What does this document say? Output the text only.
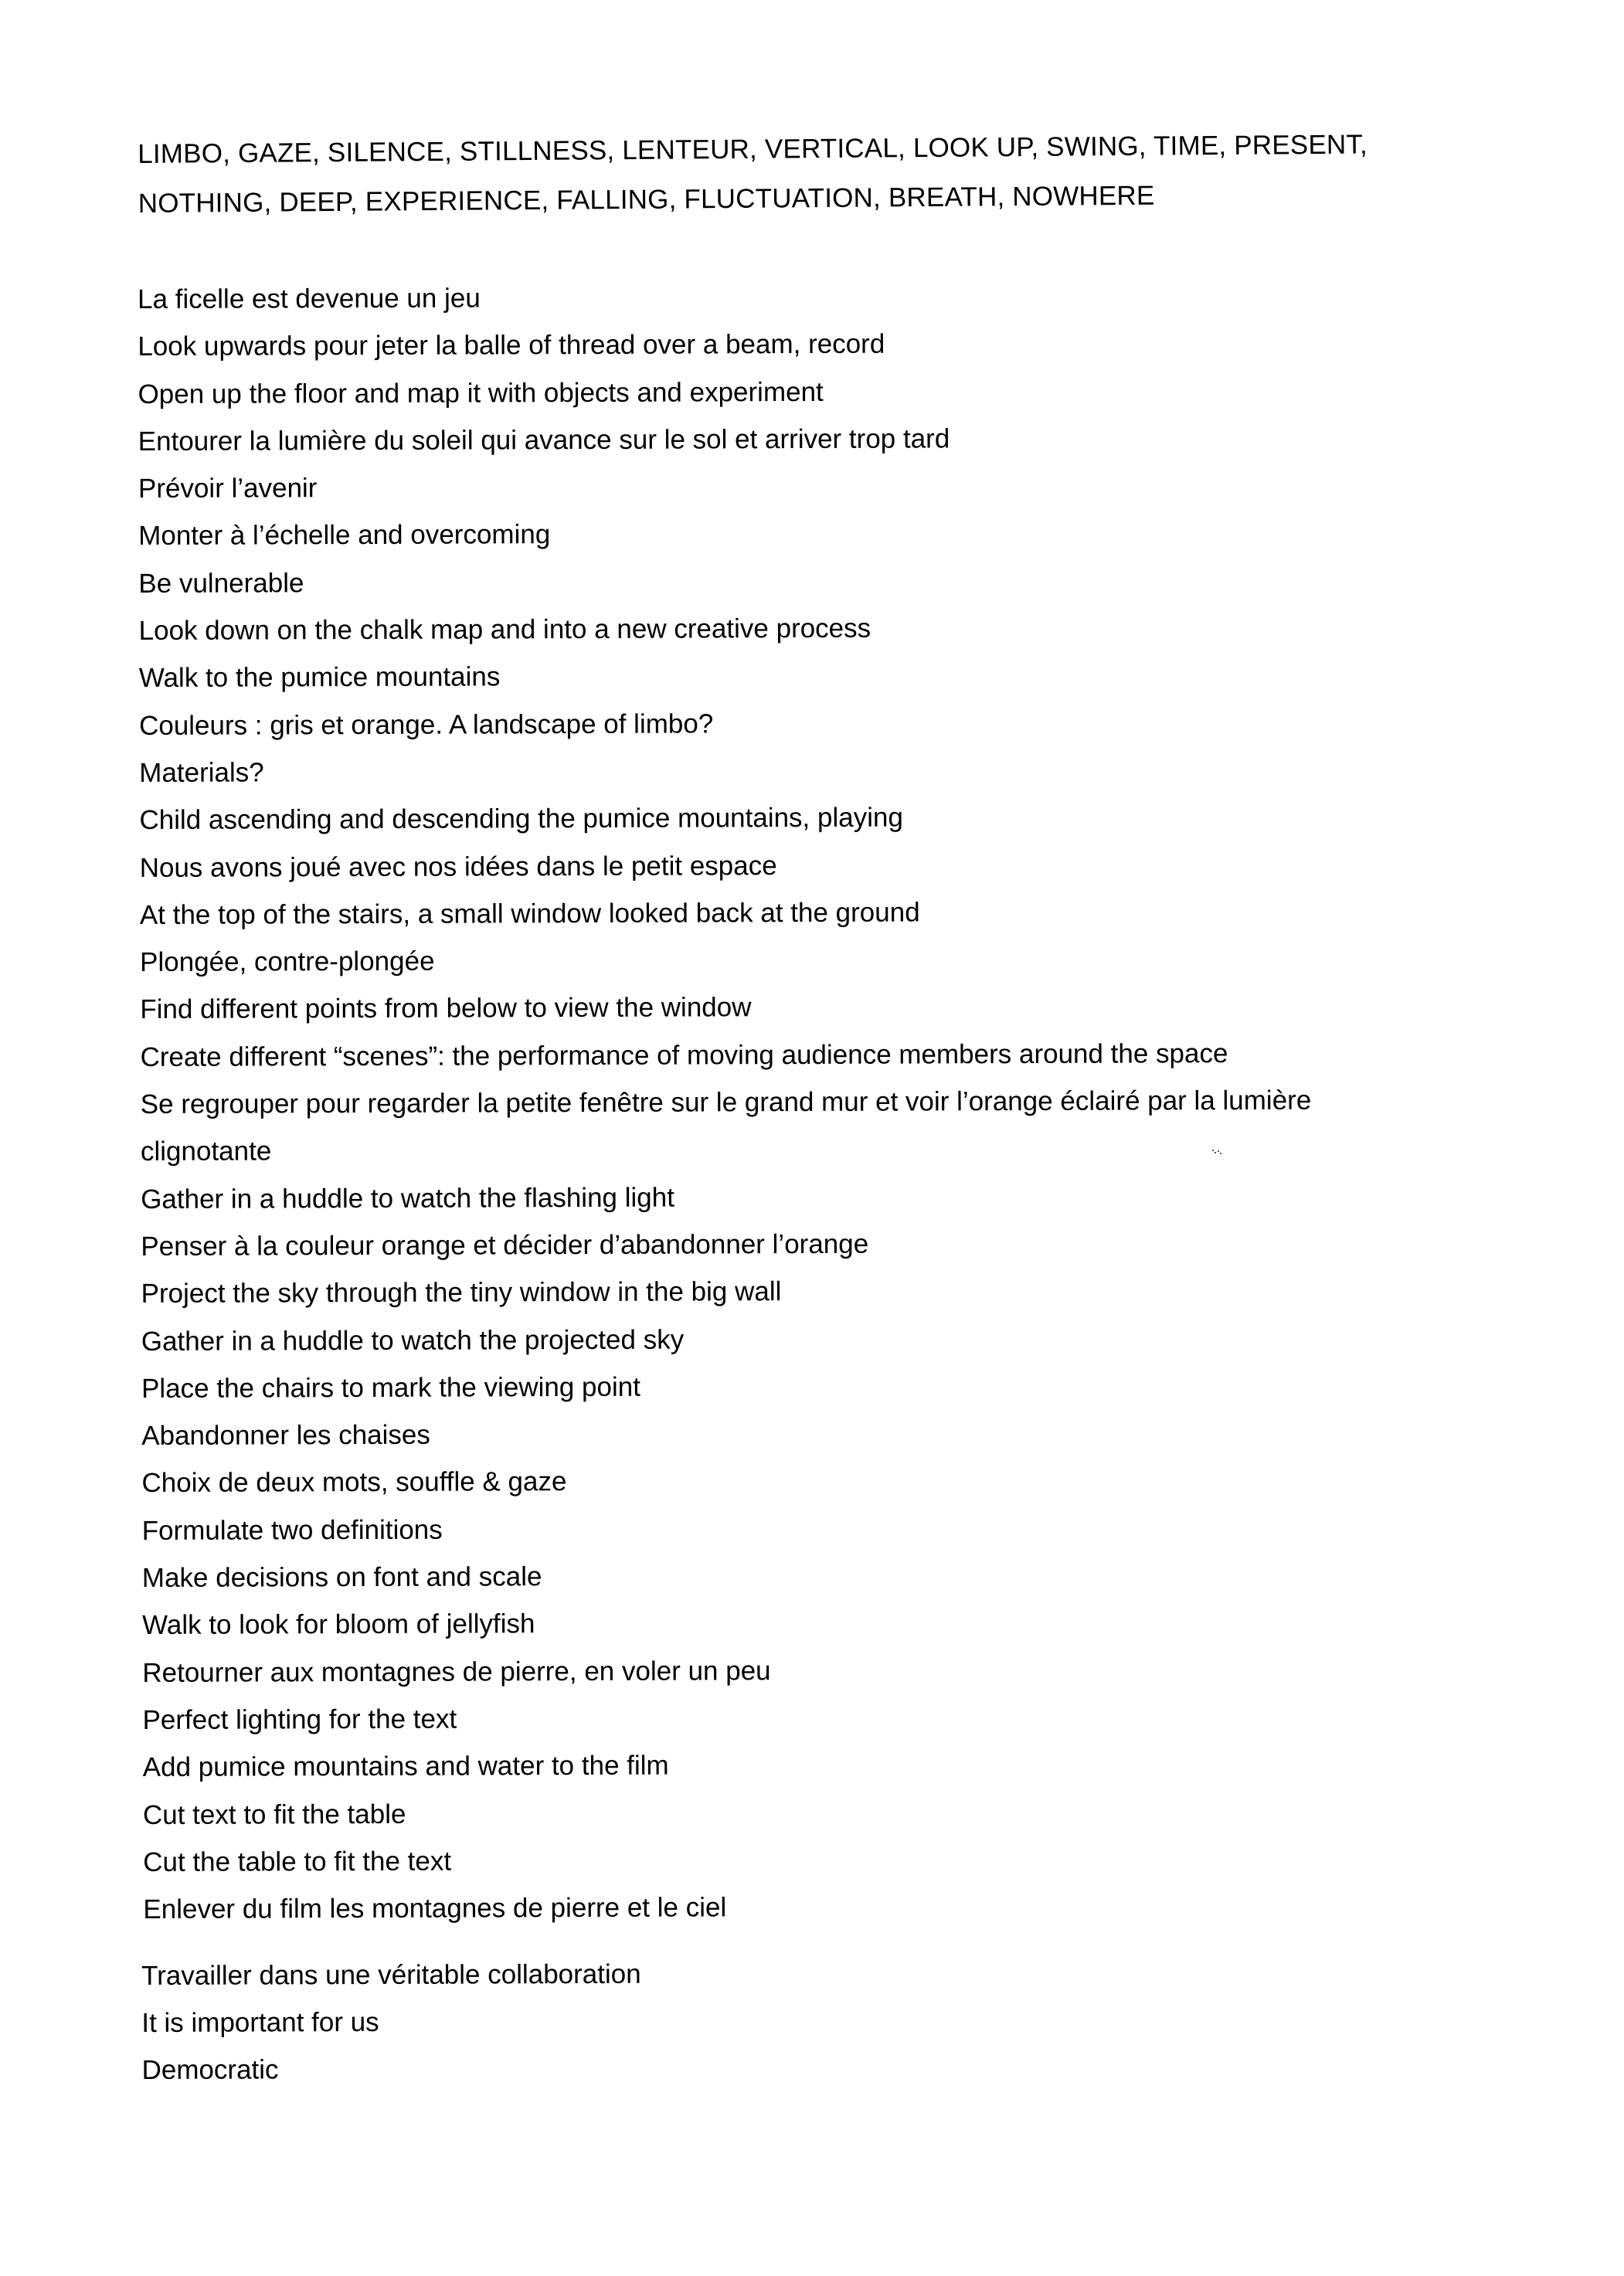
LIMBO, GAZE, SILENCE, STILLNESS, LENTEUR, VERTICAL, LOOK UP, SWING, TIME, PRESENT,
NOTHING, DEEP, EXPERIENCE, FALLING, FLUCTUATION, BREATH, NOWHERE
La ficelle est devenue un jeu
Look upwards pour jeter la balle of thread over a beam, record
Open up the floor and map it with objects and experiment
Entourer la lumière du soleil qui avance sur le sol et arriver trop tard
Prévoir l’avenir
Monter à l’échelle and overcoming
Be vulnerable
Look down on the chalk map and into a new creative process
Walk to the pumice mountains
Couleurs : gris et orange. A landscape of limbo?
Materials?
Child ascending and descending the pumice mountains, playing
Nous avons joué avec nos idées dans le petit espace
At the top of the stairs, a small window looked back at the ground
Plongée, contre-plongée
Find different points from below to view the window
Create different “scenes”: the performance of moving audience members around the space
Se regrouper pour regarder la petite fenêtre sur le grand mur et voir l’orange éclairé par la lumière
clignotante
Gather in a huddle to watch the flashing light
Penser à la couleur orange et décider d’abandonner l’orange
Project the sky through the tiny window in the big wall
Gather in a huddle to watch the projected sky
Place the chairs to mark the viewing point
Abandonner les chaises
Choix de deux mots, souffle & gaze
Formulate two definitions
Make decisions on font and scale
Walk to look for bloom of jellyfish
Retourner aux montagnes de pierre, en voler un peu
Perfect lighting for the text
Add pumice mountains and water to the film
Cut text to fit the table
Cut the table to fit the text
Enlever du film les montagnes de pierre et le ciel
Travailler dans une véritable collaboration
It is important for us
Democratic
